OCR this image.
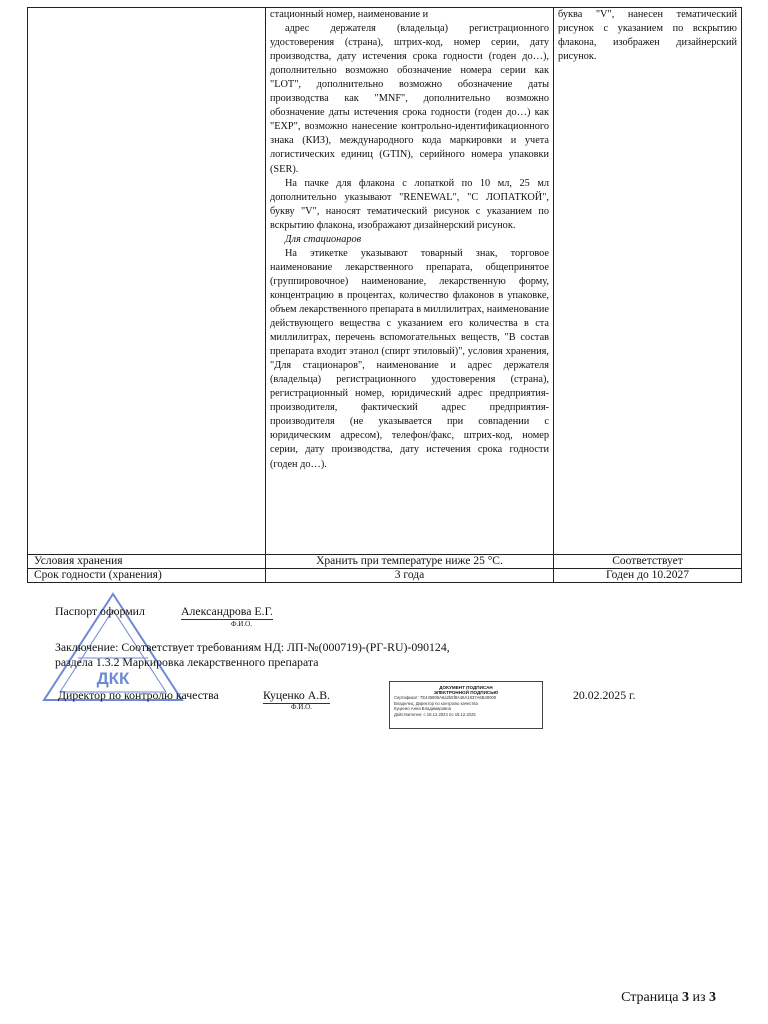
	стационный номер, наименование и

адрес держателя (владельца) регистрационного удостоверения (страна), штрих-код, номер серии, дату производства, дату истечения срока годности (годен до…), дополнительно возможно обозначение номера серии как "LOT", дополнительно возможно обозначение даты производства как "MNF", дополнительно возможно обозначение даты истечения срока годности (годен до…) как "EXP", возможно нанесение контрольно-идентификационного знака (КИЗ), международного кода маркировки и учета логистических единиц (GTIN), серийного номера упаковки (SER).

На пачке для флакона с лопаткой по 10 мл, 25 мл дополнительно указывают "RENEWAL", "С ЛОПАТКОЙ", букву "V", наносят тематический рисунок с указанием по вскрытию флакона, изображают дизайнерский рисунок.

Для стационаров

На этикетке указывают товарный знак, торговое наименование лекарственного препарата, общепринятое (группировочное) наименование, лекарственную форму, концентрацию в процентах, количество флаконов в упаковке, объем лекарственного препарата в миллилитрах, наименование действующего вещества с указанием его количества в ста миллилитрах, перечень вспомогательных веществ, "В состав препарата входит этанол (спирт этиловый)", условия хранения, "Для стационаров", наименование и адрес держателя (владельца) регистрационного удостоверения (страна), регистрационный номер, юридический адрес предприятия-производителя, фактический адрес предприятия-производителя (не указывается при совпадении с юридическим адресом), телефон/факс, штрих-код, номер серии, дату производства, дату истечения срока годности (годен до…).	буква "V", нанесен тематический рисунок с указанием по вскрытию флакона, изображен дизайнерский рисунок.
Условия хранения	Хранить при температуре ниже 25 °С.	Соответствует
Срок годности (хранения)	3 года	Годен до 10.2027
ДКК
Паспорт оформил	Александрова Е.Г.
Ф.И.О.
Заключение: Соответствует требованиям НД: ЛП-№(000719)-(РГ-RU)-090124,
раздела 1.3.2 Маркировка лекарственного препарата
Директор по контролю качества	Куценко А.В.
Ф.И.О.
ДОКУМЕНТ ПОДПИСАН
ЭЛЕКТРОННОЙ ПОДПИСЬЮ
Сертификат: 7E445806A6a2b5f8A48A1837A6B49000
Владелец: Директор по контролю качества
Куценко Анна Владимировна
Действителен: с 18.12.2024 по 18.12.2025
20.02.2025 г.
Страница 3 из 3
